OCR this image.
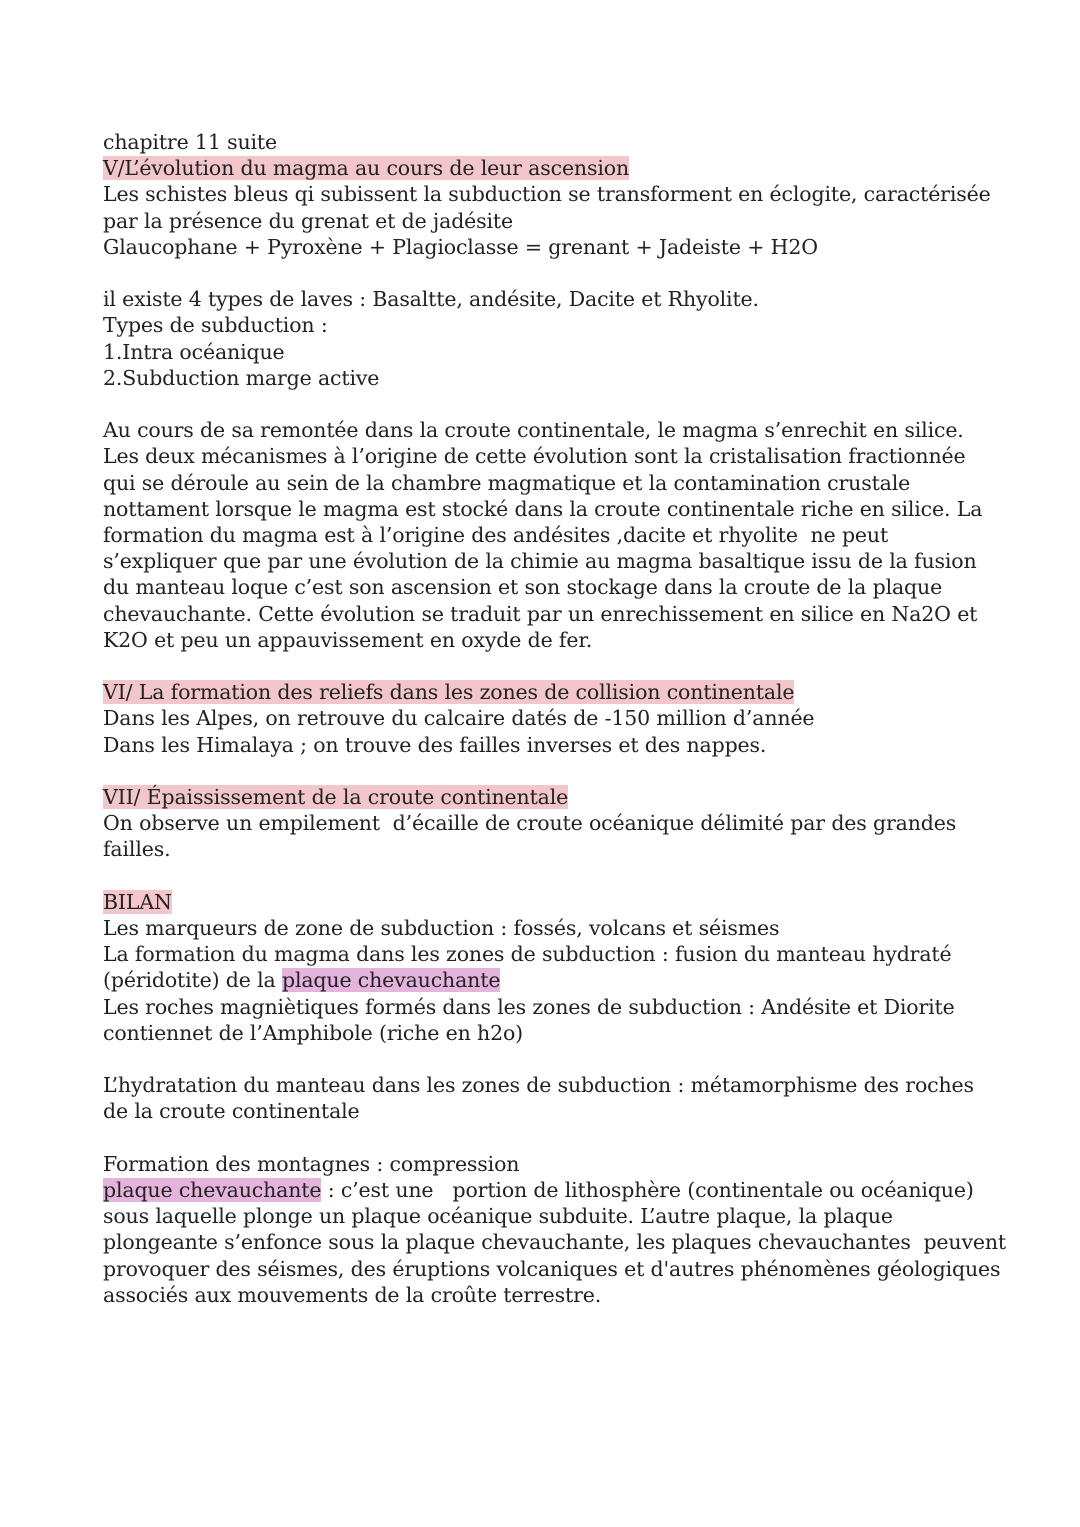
chapitre 11 suite
V/L’évolution du magma au cours de leur ascension
Les schistes bleus qi subissent la subduction se transforment en éclogite, caractérisée
par la présence du grenat et de jadésite
Glaucophane + Pyroxène + Plagioclasse = grenant + Jadeiste + H2O
il existe 4 types de laves : Basaltte, andésite, Dacite et Rhyolite.
Types de subduction :
1.Intra océanique
2.Subduction marge active
Au cours de sa remontée dans la croute continentale, le magma s’enrechit en silice.
Les deux mécanismes à l’origine de cette évolution sont la cristalisation fractionnée
qui se déroule au sein de la chambre magmatique et la contamination crustale
nottament lorsque le magma est stocké dans la croute continentale riche en silice. La
formation du magma est à l’origine des andésites ,dacite et rhyolite  ne peut
s’expliquer que par une évolution de la chimie au magma basaltique issu de la fusion
du manteau loque c’est son ascension et son stockage dans la croute de la plaque
chevauchante. Cette évolution se traduit par un enrechissement en silice en Na2O et
K2O et peu un appauvissement en oxyde de fer.
VI/ La formation des reliefs dans les zones de collision continentale
Dans les Alpes, on retrouve du calcaire datés de -150 million d’année
Dans les Himalaya ; on trouve des failles inverses et des nappes.
VII/ Épaississement de la croute continentale
On observe un empilement  d’écaille de croute océanique délimité par des grandes
failles.
BILAN
Les marqueurs de zone de subduction : fossés, volcans et séismes
La formation du magma dans les zones de subduction : fusion du manteau hydraté
(péridotite) de la plaque chevauchante
Les roches magniètiques formés dans les zones de subduction : Andésite et Diorite
contiennet de l’Amphibole (riche en h2o)
L’hydratation du manteau dans les zones de subduction : métamorphisme des roches
de la croute continentale
Formation des montagnes : compression
plaque chevauchante : c’est une   portion de lithosphère (continentale ou océanique)
sous laquelle plonge un plaque océanique subduite. L’autre plaque, la plaque
plongeante s’enfonce sous la plaque chevauchante, les plaques chevauchantes  peuvent
provoquer des séismes, des éruptions volcaniques et d'autres phénomènes géologiques
associés aux mouvements de la croûte terrestre.
